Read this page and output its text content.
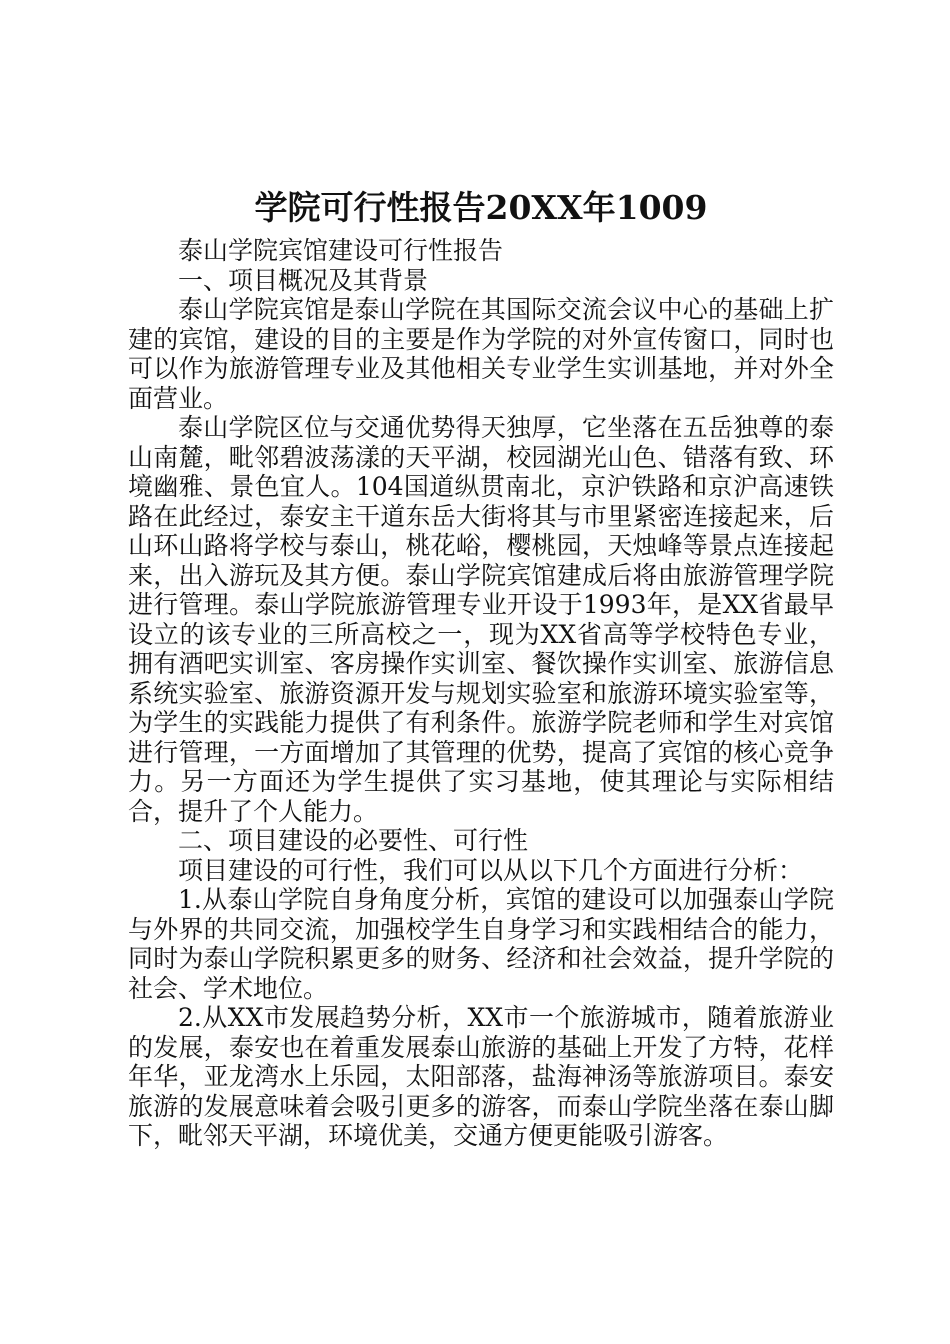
学院可行性报告20XX年1009

泰山学院宾馆建设可行性报告

一、项目概况及其背景

泰山学院宾馆是泰山学院在其国际交流会议中心的基础上扩建的宾馆，建设的目的主要是作为学院的对外宣传窗口，同时也可以作为旅游管理专业及其他相关专业学生实训基地，并对外全面营业。

泰山学院区位与交通优势得天独厚，它坐落在五岳独尊的泰山南麓，毗邻碧波荡漾的天平湖，校园湖光山色、错落有致、环境幽雅、景色宜人。104国道纵贯南北，京沪铁路和京沪高速铁路在此经过，泰安主干道东岳大街将其与市里紧密连接起来，后山环山路将学校与泰山，桃花峪，樱桃园，天烛峰等景点连接起来，出入游玩及其方便。泰山学院宾馆建成后将由旅游管理学院进行管理。泰山学院旅游管理专业开设于1993年，是XX省最早设立的该专业的三所高校之一，现为XX省高等学校特色专业，拥有酒吧实训室、客房操作实训室、餐饮操作实训室、旅游信息系统实验室、旅游资源开发与规划实验室和旅游环境实验室等，为学生的实践能力提供了有利条件。旅游学院老师和学生对宾馆进行管理，一方面增加了其管理的优势，提高了宾馆的核心竞争力。另一方面还为学生提供了实习基地，使其理论与实际相结合，提升了个人能力。

二、项目建设的必要性、可行性

项目建设的可行性，我们可以从以下几个方面进行分析：

1.从泰山学院自身角度分析，宾馆的建设可以加强泰山学院与外界的共同交流，加强校学生自身学习和实践相结合的能力，同时为泰山学院积累更多的财务、经济和社会效益，提升学院的社会、学术地位。

2.从XX市发展趋势分析，XX市一个旅游城市，随着旅游业的发展，泰安也在着重发展泰山旅游的基础上开发了方特，花样年华，亚龙湾水上乐园，太阳部落，盐海神汤等旅游项目。泰安旅游的发展意味着会吸引更多的游客，而泰山学院坐落在泰山脚下，毗邻天平湖，环境优美，交通方便更能吸引游客。
